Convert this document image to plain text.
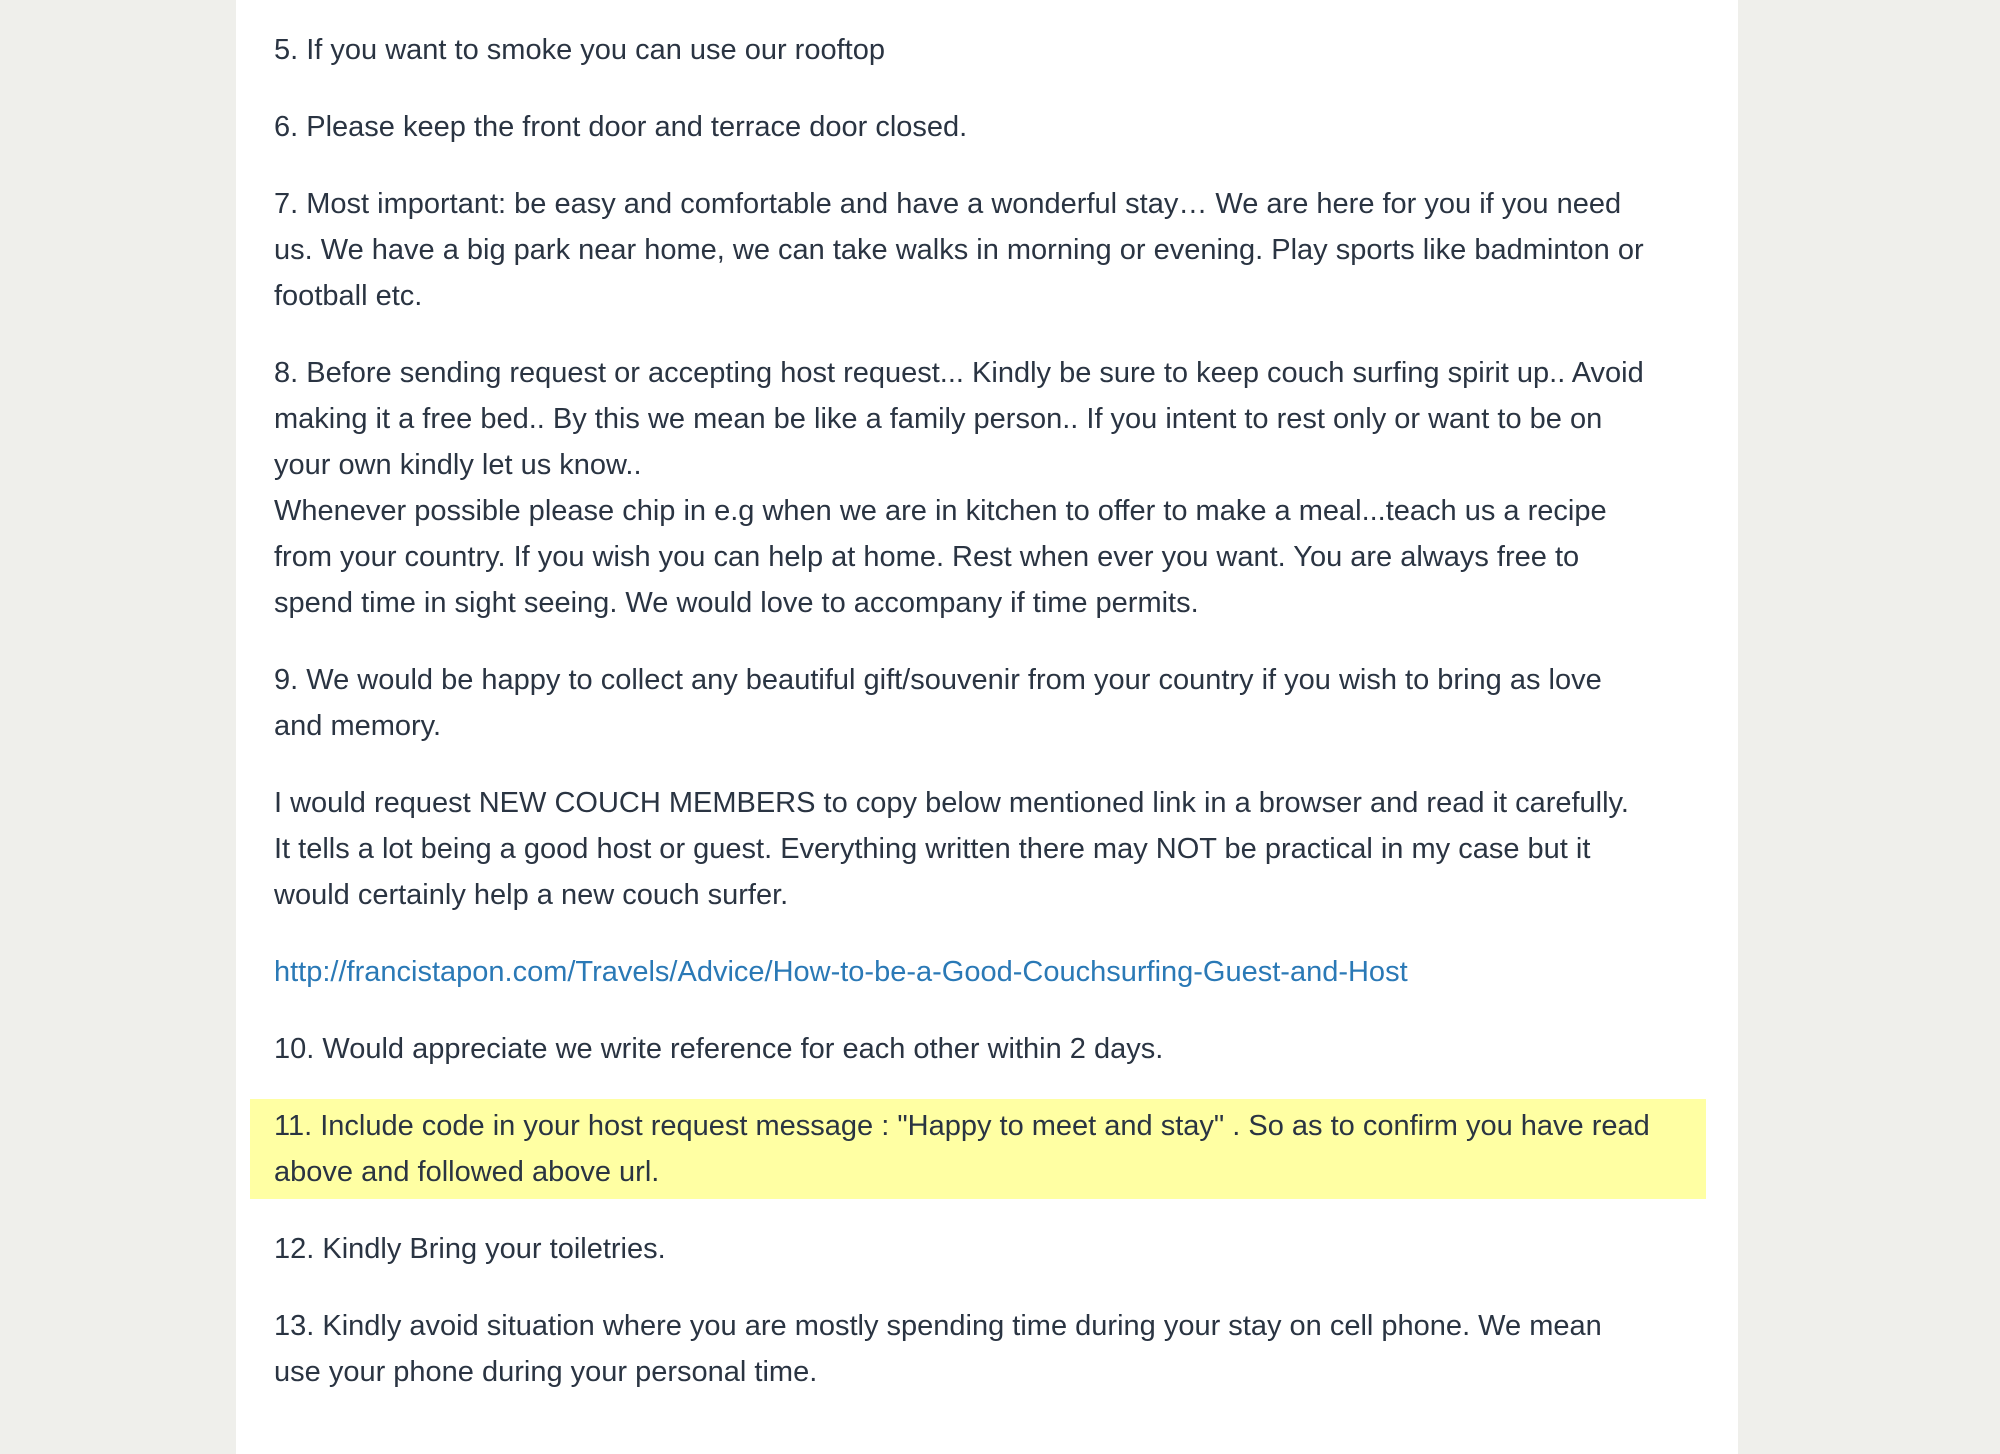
5. If you want to smoke you can use our rooftop

6. Please keep the front door and terrace door closed.

7. Most important: be easy and comfortable and have a wonderful stay… We are here for you if you need
us. We have a big park near home, we can take walks in morning or evening. Play sports like badminton or
football etc.

8. Before sending request or accepting host request... Kindly be sure to keep couch surfing spirit up.. Avoid
making it a free bed.. By this we mean be like a family person.. If you intent to rest only or want to be on
your own kindly let us know..
Whenever possible please chip in e.g when we are in kitchen to offer to make a meal...teach us a recipe
from your country. If you wish you can help at home. Rest when ever you want. You are always free to
spend time in sight seeing. We would love to accompany if time permits.

9. We would be happy to collect any beautiful gift/souvenir from your country if you wish to bring as love
and memory.

I would request NEW COUCH MEMBERS to copy below mentioned link in a browser and read it carefully.
It tells a lot being a good host or guest. Everything written there may NOT be practical in my case but it
would certainly help a new couch surfer.

http://francistapon.com/Travels/Advice/How-to-be-a-Good-Couchsurfing-Guest-and-Host

10. Would appreciate we write reference for each other within 2 days.

11. Include code in your host request message : "Happy to meet and stay" . So as to confirm you have read
above and followed above url.

12. Kindly Bring your toiletries.

13. Kindly avoid situation where you are mostly spending time during your stay on cell phone. We mean
use your phone during your personal time.
